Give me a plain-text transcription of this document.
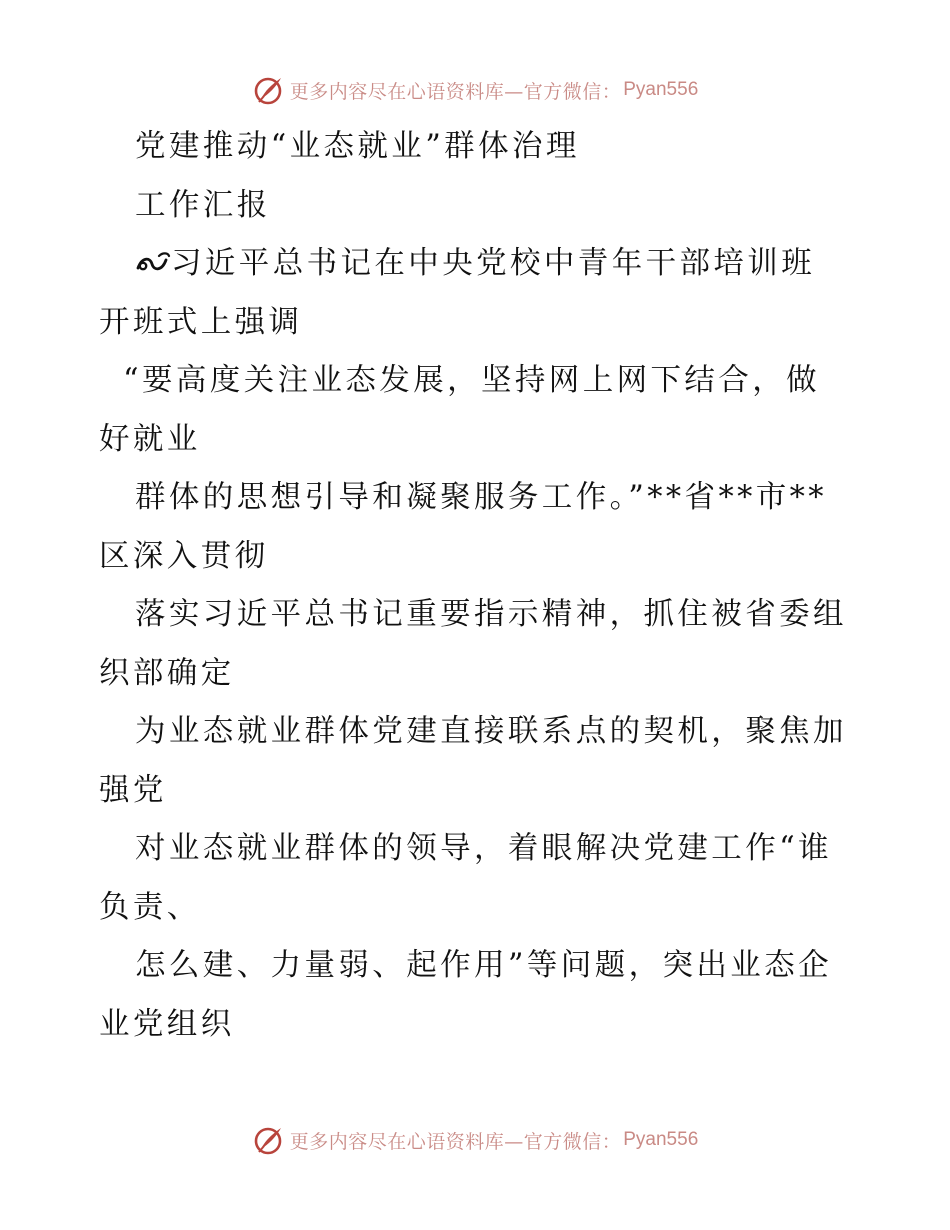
更多内容尽在心语资料库—官方微信： Pyan556
党建推动“业态就业”群体治理
工作汇报
习近平总书记在中央党校中青年干部培训班
开班式上强调
“要高度关注业态发展，坚持网上网下结合，做
好就业
群体的思想引导和凝聚服务工作。”**省**市**
区深入贯彻
落实习近平总书记重要指示精神，抓住被省委组
织部确定
为业态就业群体党建直接联系点的契机，聚焦加
强党
对业态就业群体的领导，着眼解决党建工作“谁
负责、
怎么建、力量弱、起作用”等问题，突出业态企
业党组织
更多内容尽在心语资料库—官方微信： Pyan556
